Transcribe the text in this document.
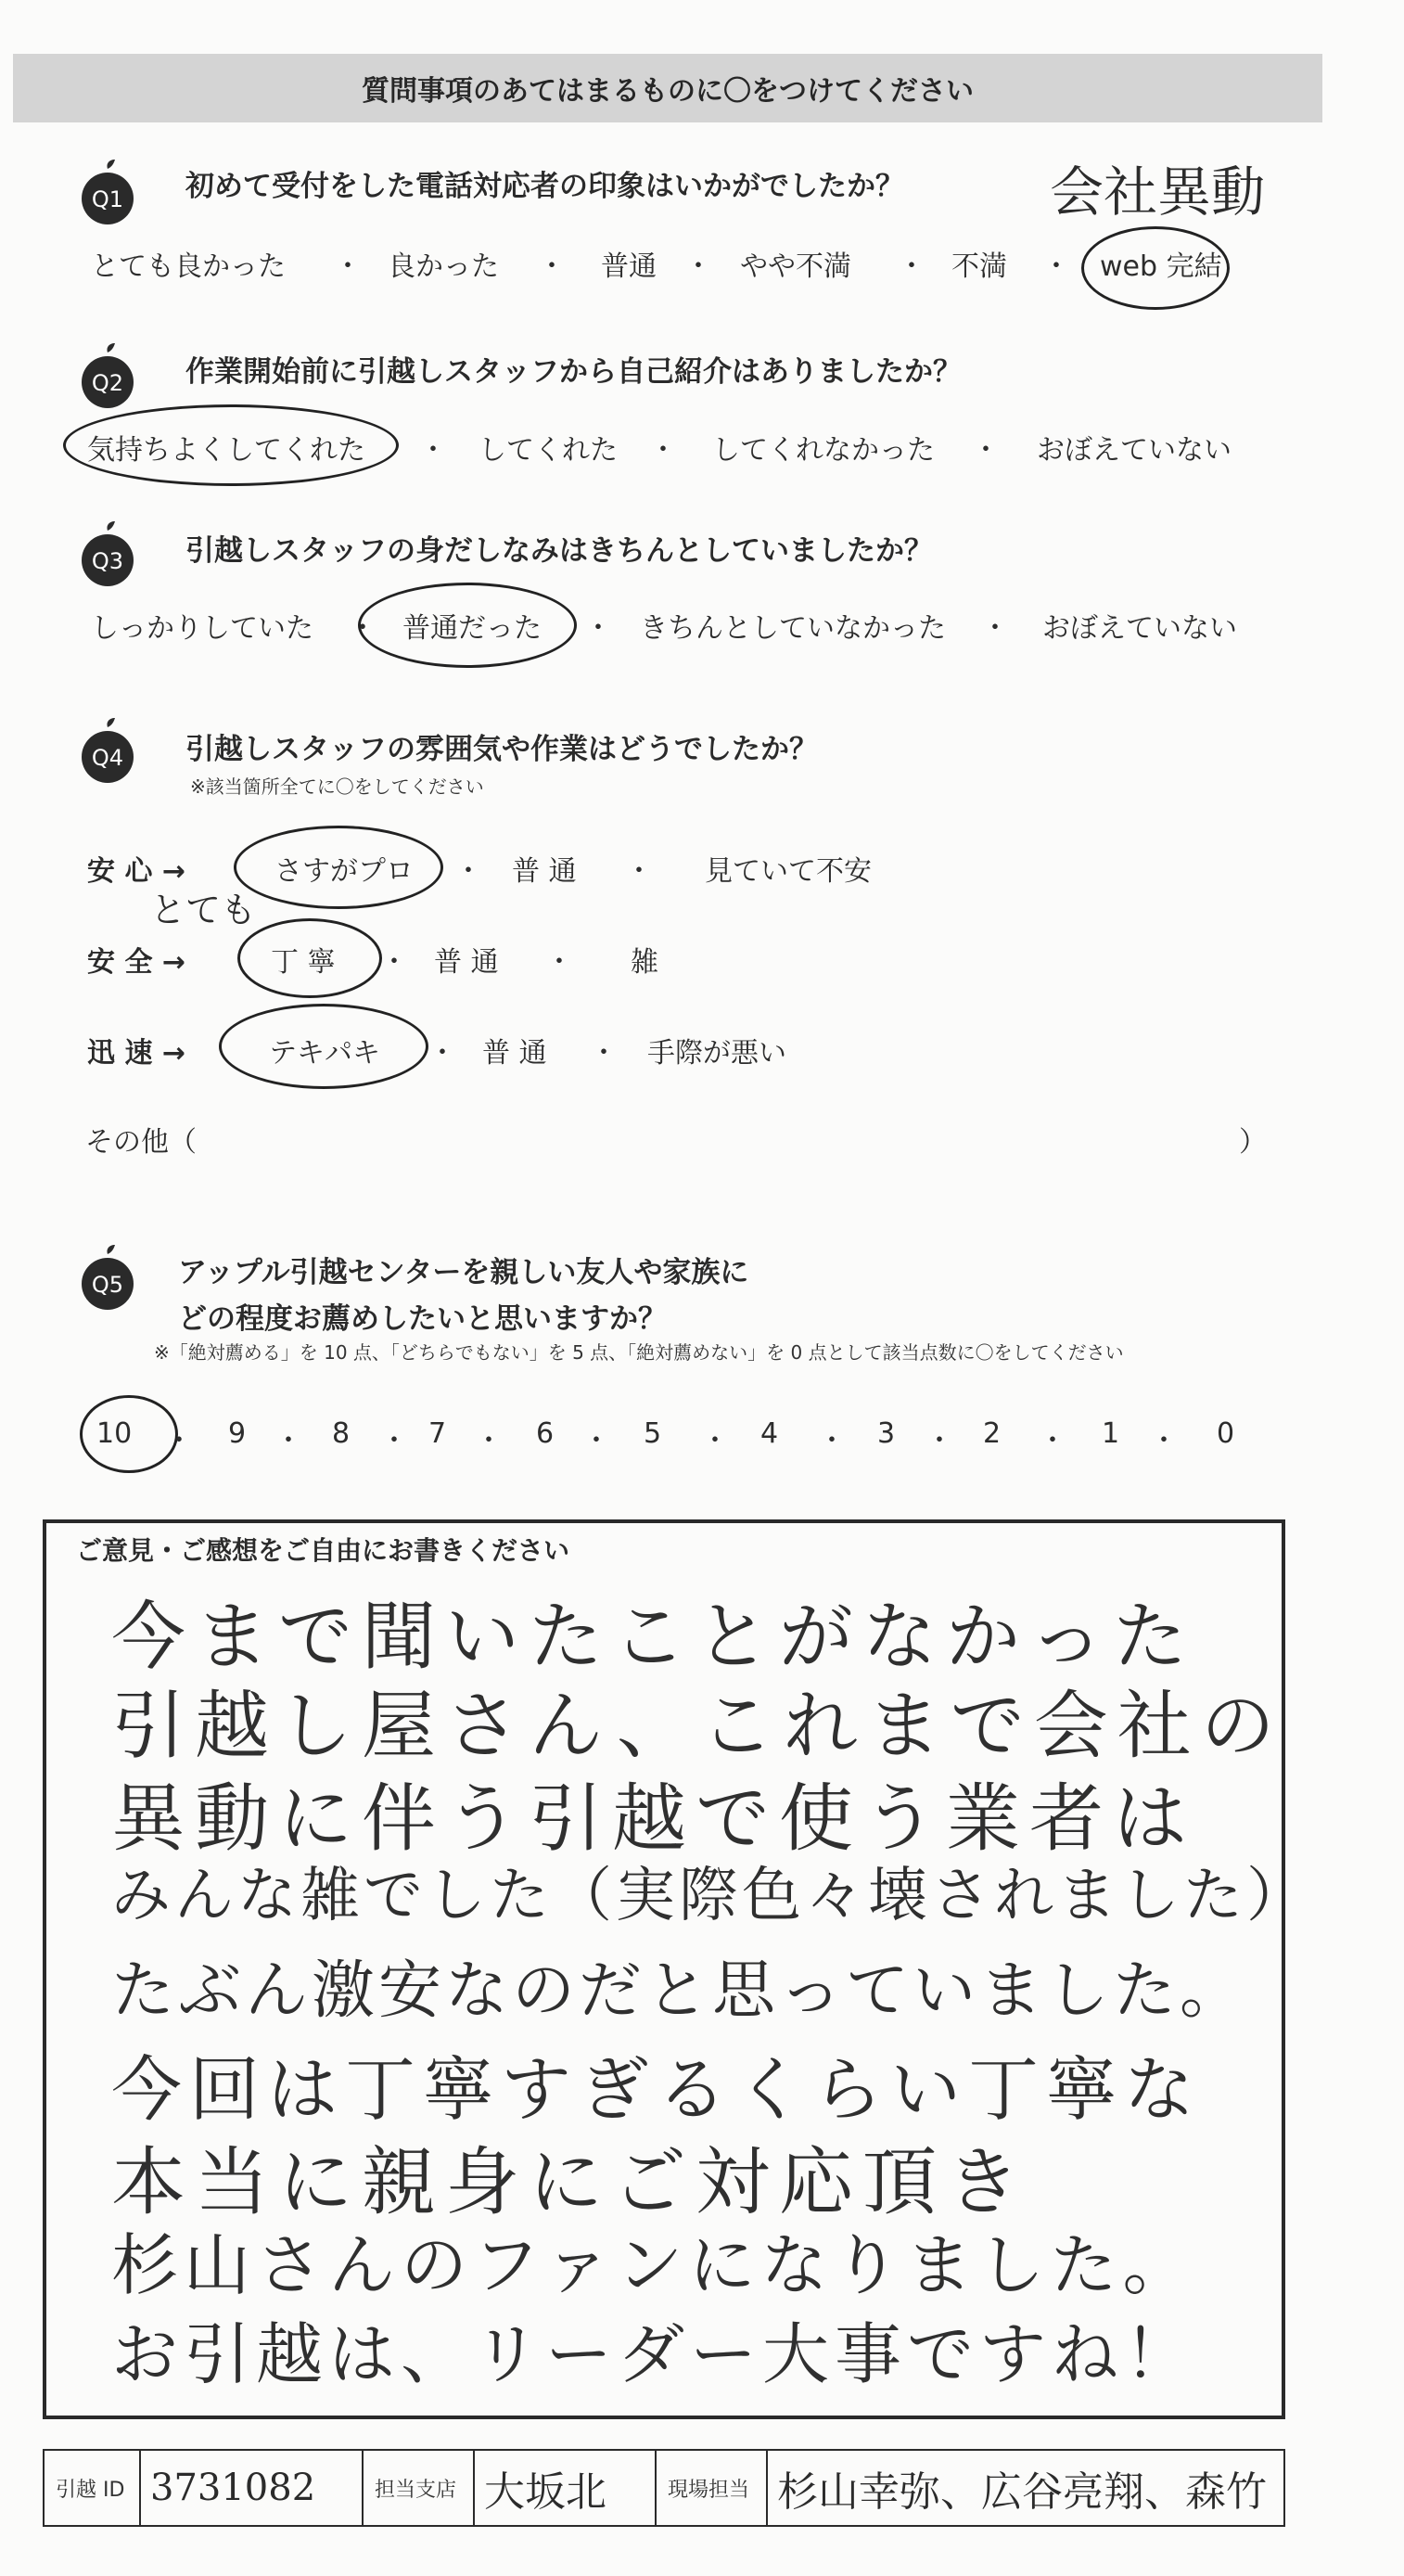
質問事項のあてはまるものに〇をつけてください
Q1 初めて受付をした電話対応者の印象はいかがでしたか？	会社異動
とても良かった ・ 良かった ・ 普通 ・ やや不満 ・ 不満 ・ web 完結
Q2 作業開始前に引越しスタッフから自己紹介はありましたか？
気持ちよくしてくれた ・ してくれた ・ してくれなかった ・ おぼえていない
Q3 引越しスタッフの身だしなみはきちんとしていましたか？
しっかりしていた ・ 普通だった ・ きちんとしていなかった ・ おぼえていない
Q4 引越しスタッフの雰囲気や作業はどうでしたか？
※該当箇所全てに〇をしてください
安 心 →	さすがプロ ・ 普 通 ・ 見ていて不安
とても
安 全 →	丁 寧 ・ 普 通 ・ 雑
迅 速 →	テキパキ ・ 普 通 ・ 手際が悪い
その他（	）
Q5 アップル引越センターを親しい友人や家族に
どの程度お薦めしたいと思いますか？
※「絶対薦める」を 10 点、「どちらでもない」を 5 点、「絶対薦めない」を 0 点として該当点数に〇をしてください
10 ・ 9 ・ 8 ・ 7 ・ 6 ・ 5 ・ 4 ・ 3 ・ 2 ・ 1 ・ 0
ご意見・ご感想をご自由にお書きください
今まで聞いたことがなかった
引越し屋さん、これまで会社の
異動に伴う引越で使う業者は
みんな雑でした（実際色々壊されました）
たぶん激安なのだと思っていました。
今回は丁寧すぎるくらい丁寧な
本当に親身にご対応頂き
杉山さんのファンになりました。
お引越は、リーダー大事ですね！
引越 ID 3731082	担当支店 大坂北	現場担当 杉山幸弥、広谷亮翔、森竹
